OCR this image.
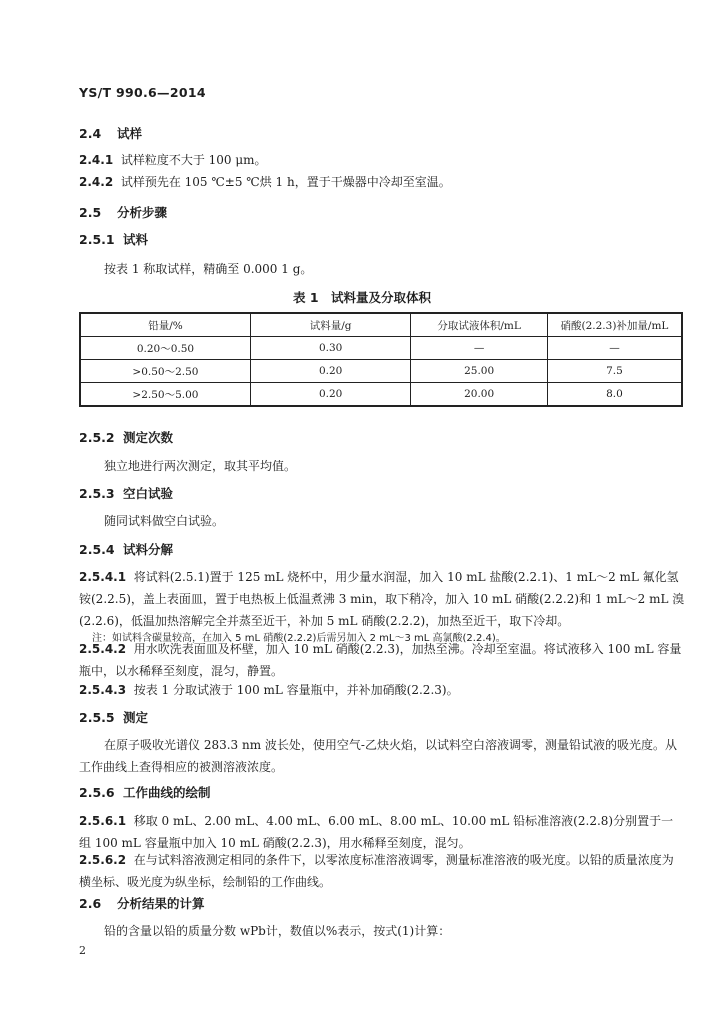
YS/T 990.6—2014
2.4 试样
2.4.1 试样粒度不大于 100 μm。
2.4.2 试样预先在 105 ℃±5 ℃烘 1 h，置于干燥器中冷却至室温。
2.5 分析步骤
2.5.1 试料
按表 1 称取试样，精确至 0.000 1 g。
表 1　试料量及分取体积
铅量/%	试料量/g	分取试液体积/mL	硝酸(2.2.3)补加量/mL
0.20～0.50	0.30	—	—
>0.50～2.50	0.20	25.00	7.5
>2.50～5.00	0.20	20.00	8.0
2.5.2 测定次数
独立地进行两次测定，取其平均值。
2.5.3 空白试验
随同试料做空白试验。
2.5.4 试料分解
2.5.4.1 将试料(2.5.1)置于 125 mL 烧杯中，用少量水润湿，加入 10 mL 盐酸(2.2.1)、1 mL～2 mL 氟化氢铵(2.2.5)，盖上表面皿，置于电热板上低温煮沸 3 min，取下稍冷，加入 10 mL 硝酸(2.2.2)和 1 mL～2 mL 溴(2.2.6)，低温加热溶解完全并蒸至近干，补加 5 mL 硝酸(2.2.2)，加热至近干，取下冷却。
注：如试料含碳量较高，在加入 5 mL 硝酸(2.2.2)后需另加入 2 mL～3 mL 高氯酸(2.2.4)。
2.5.4.2 用水吹洗表面皿及杯壁，加入 10 mL 硝酸(2.2.3)，加热至沸。冷却至室温。将试液移入 100 mL 容量瓶中，以水稀释至刻度，混匀，静置。
2.5.4.3 按表 1 分取试液于 100 mL 容量瓶中，并补加硝酸(2.2.3)。
2.5.5 测定
在原子吸收光谱仪 283.3 nm 波长处，使用空气-乙炔火焰，以试料空白溶液调零，测量铅试液的吸光度。从工作曲线上查得相应的被测溶液浓度。
2.5.6 工作曲线的绘制
2.5.6.1 移取 0 mL、2.00 mL、4.00 mL、6.00 mL、8.00 mL、10.00 mL 铅标准溶液(2.2.8)分别置于一组 100 mL 容量瓶中加入 10 mL 硝酸(2.2.3)，用水稀释至刻度，混匀。
2.5.6.2 在与试料溶液测定相同的条件下，以零浓度标准溶液调零，测量标准溶液的吸光度。以铅的质量浓度为横坐标、吸光度为纵坐标，绘制铅的工作曲线。
2.6 分析结果的计算
铅的含量以铅的质量分数 wPb计，数值以%表示，按式(1)计算：
2
